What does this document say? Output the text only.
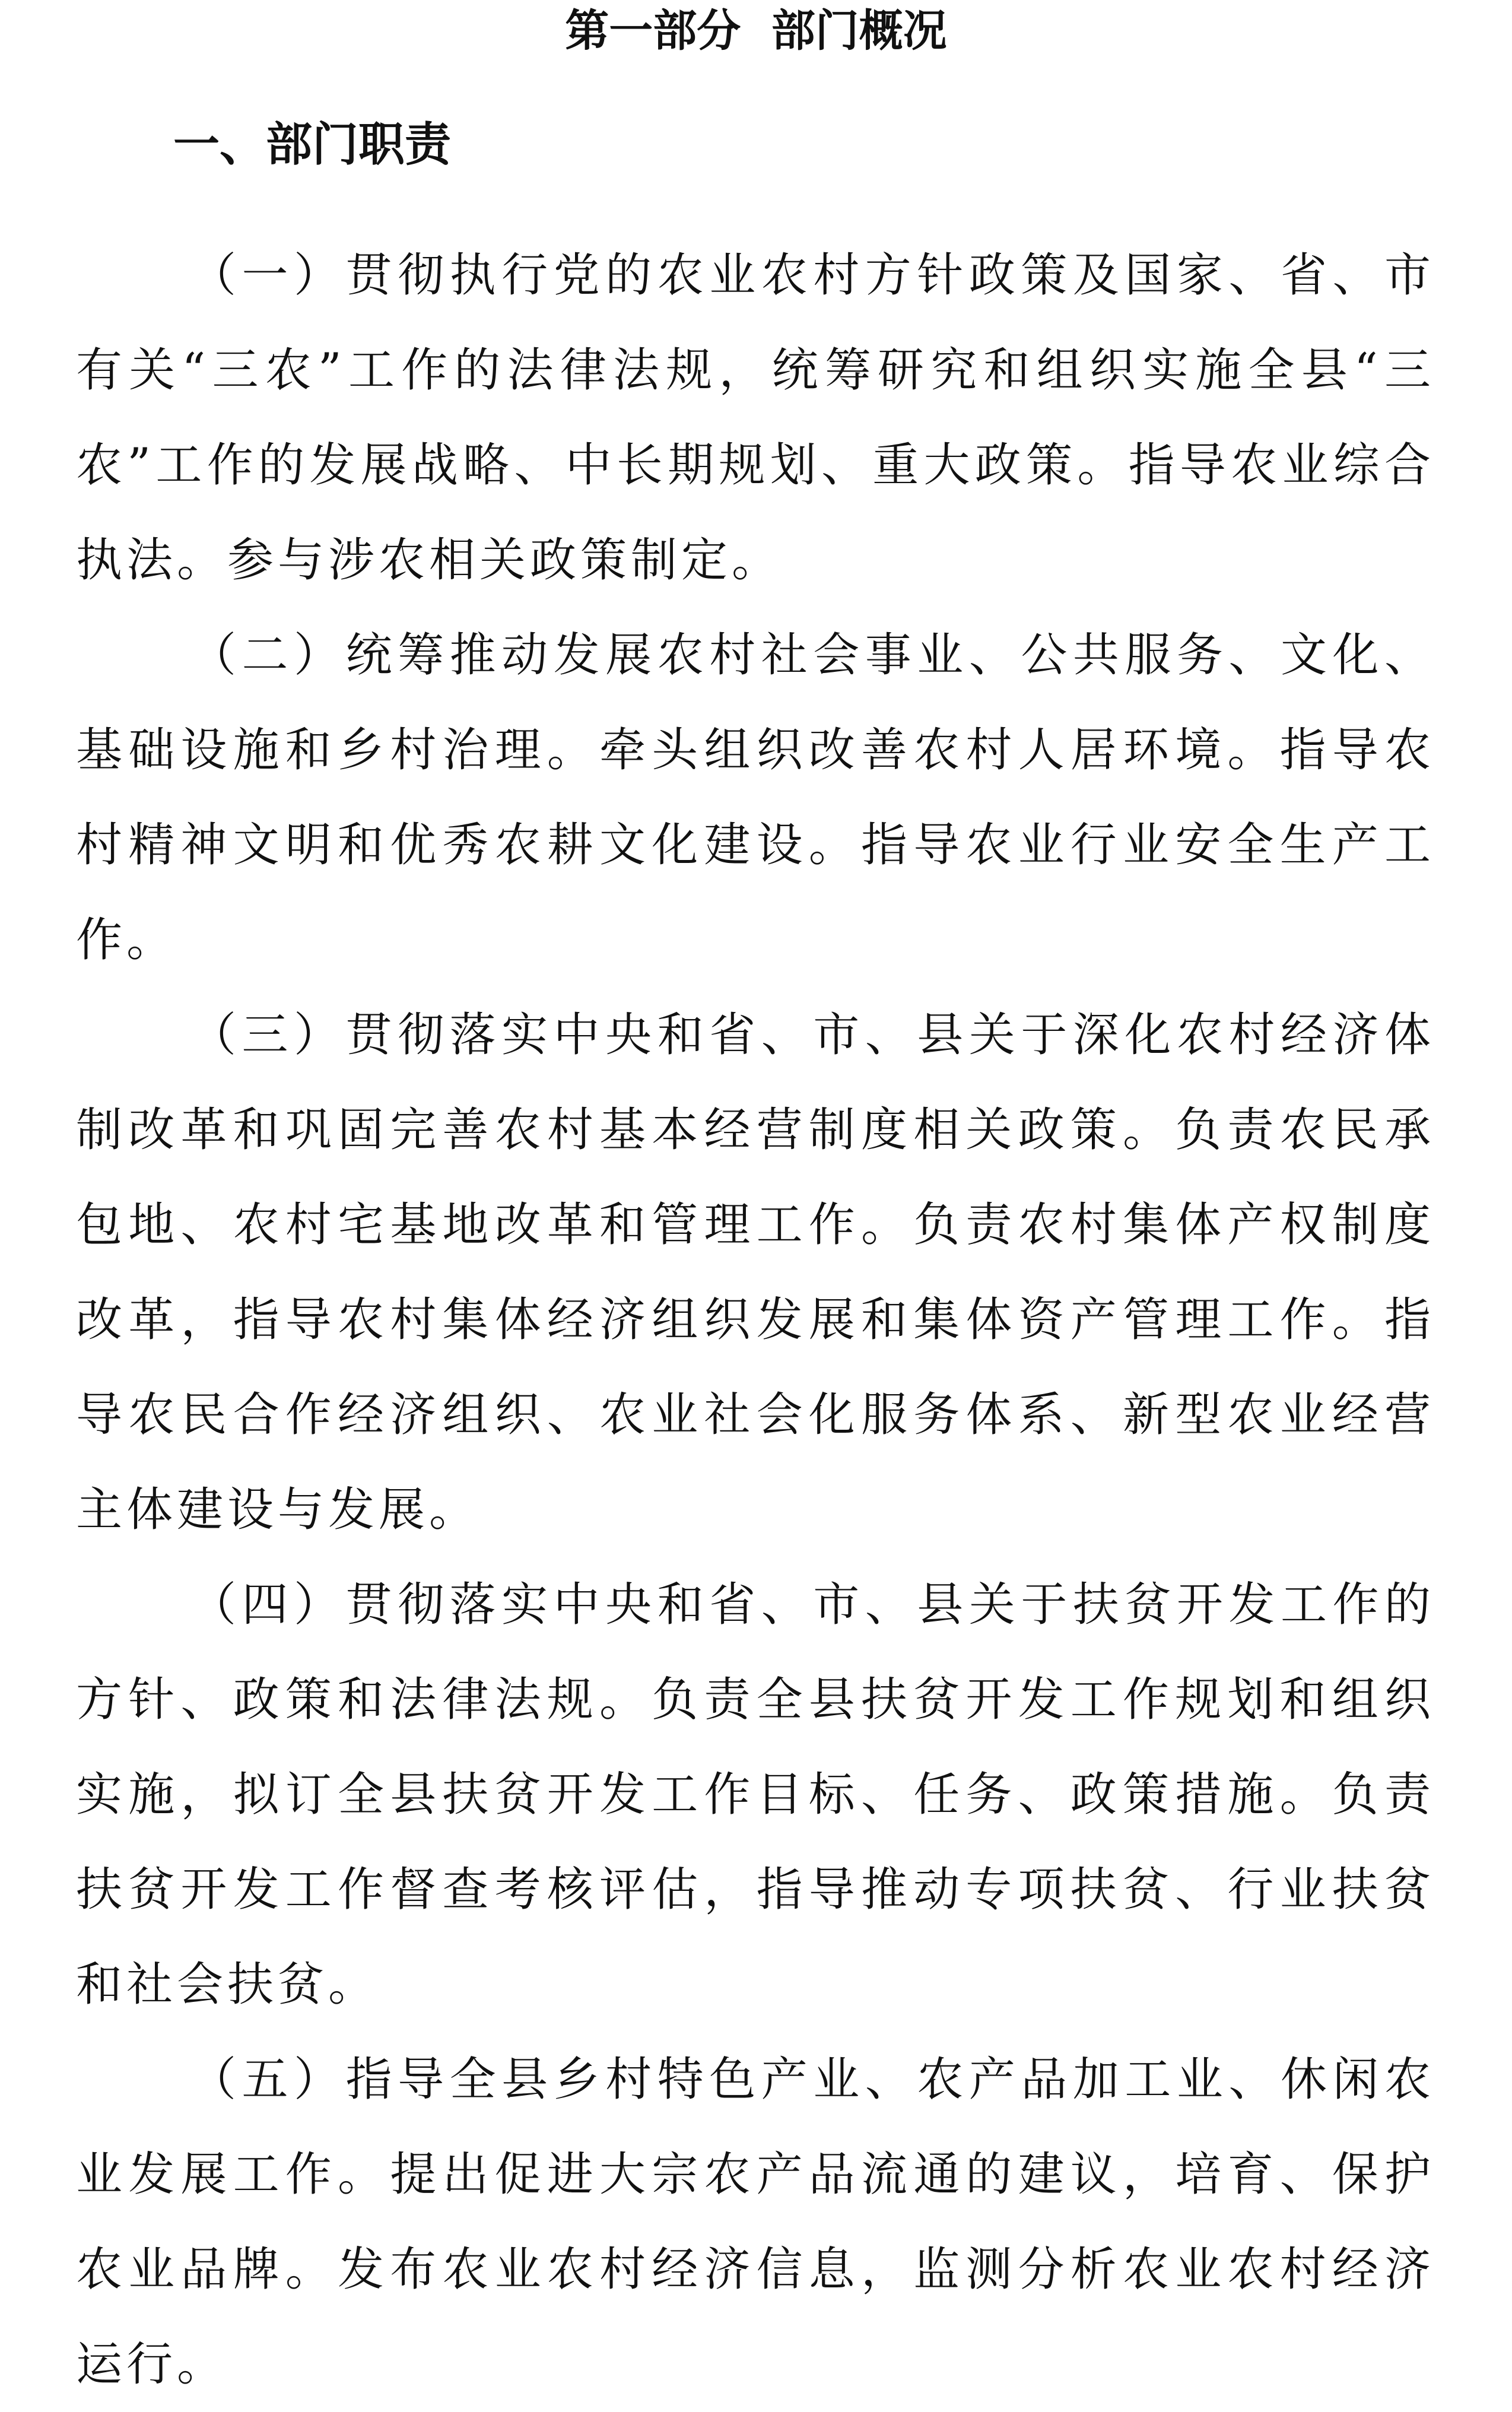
第一部分  部门概况
一、部门职责

（一）贯彻执行党的农业农村方针政策及国家、省、市有关“三农”工作的法律法规，统筹研究和组织实施全县“三农”工作的发展战略、中长期规划、重大政策。指导农业综合执法。参与涉农相关政策制定。

（二）统筹推动发展农村社会事业、公共服务、文化、基础设施和乡村治理。牵头组织改善农村人居环境。指导农村精神文明和优秀农耕文化建设。指导农业行业安全生产工作。

（三）贯彻落实中央和省、市、县关于深化农村经济体制改革和巩固完善农村基本经营制度相关政策。负责农民承包地、农村宅基地改革和管理工作。负责农村集体产权制度改革，指导农村集体经济组织发展和集体资产管理工作。指导农民合作经济组织、农业社会化服务体系、新型农业经营主体建设与发展。

（四）贯彻落实中央和省、市、县关于扶贫开发工作的方针、政策和法律法规。负责全县扶贫开发工作规划和组织实施，拟订全县扶贫开发工作目标、任务、政策措施。负责扶贫开发工作督查考核评估，指导推动专项扶贫、行业扶贫和社会扶贫。

（五）指导全县乡村特色产业、农产品加工业、休闲农业发展工作。提出促进大宗农产品流通的建议，培育、保护农业品牌。发布农业农村经济信息，监测分析农业农村经济运行。
